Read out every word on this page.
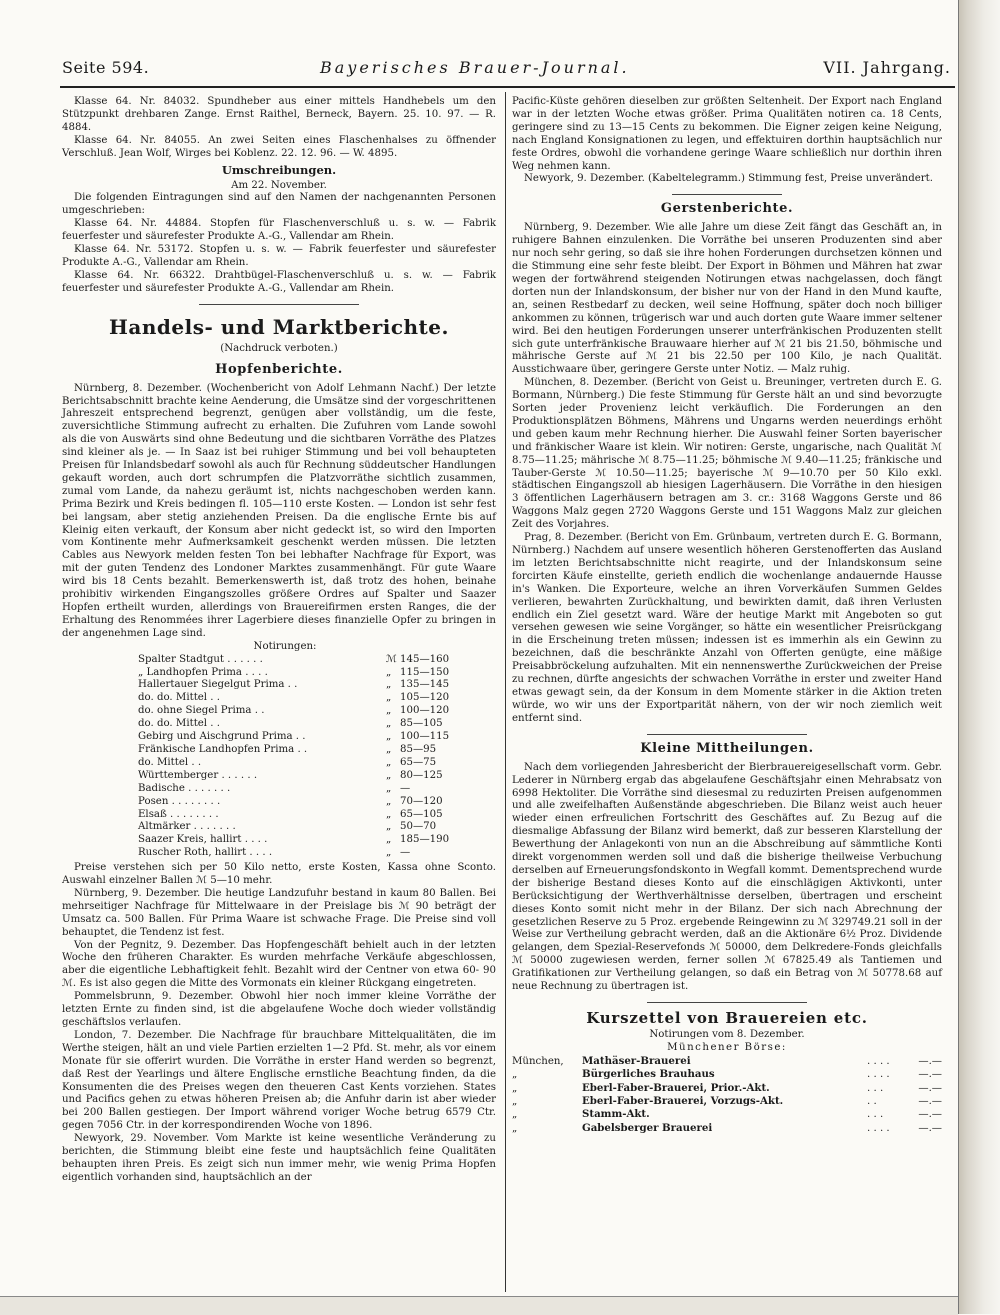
Seite 594.	Bayerisches Brauer-Journal.	VII. Jahrgang.

Klasse 64. Nr. 84032. Spundheber aus einer mittels Handhebels um den Stützpunkt drehbaren Zange. Ernst Raithel, Berneck, Bayern. 25. 10. 97. — R. 4884.

Klasse 64. Nr. 84055. An zwei Seiten eines Flaschenhalses zu öffnender Verschluß. Jean Wolf, Wirges bei Koblenz. 22. 12. 96. — W. 4895.

Umschreibungen.

Am 22. November.

Die folgenden Eintragungen sind auf den Namen der nachgenannten Personen umgeschrieben:

Klasse 64. Nr. 44884. Stopfen für Flaschenverschluß u. s. w. — Fabrik feuerfester und säurefester Produkte A.-G., Vallendar am Rhein.

Klasse 64. Nr. 53172. Stopfen u. s. w. — Fabrik feuerfester und säurefester Produkte A.-G., Vallendar am Rhein.

Klasse 64. Nr. 66322. Drahtbügel-Flaschenverschluß u. s. w. — Fabrik feuerfester und säurefester Produkte A.-G., Vallendar am Rhein.

Handels- und Marktberichte.

(Nachdruck verboten.)

Hopfenberichte.

Nürnberg, 8. Dezember. (Wochenbericht von Adolf Lehmann Nachf.) Der letzte Berichtsabschnitt brachte keine Aenderung, die Umsätze sind der vorgeschrittenen Jahreszeit entsprechend begrenzt, genügen aber vollständig, um die feste, zuversichtliche Stimmung aufrecht zu erhalten. Die Zufuhren vom Lande sowohl als die von Auswärts sind ohne Bedeutung und die sichtbaren Vorräthe des Platzes sind kleiner als je. — In Saaz ist bei ruhiger Stimmung und bei voll behaupteten Preisen für Inlandsbedarf sowohl als auch für Rechnung süddeutscher Handlungen gekauft worden, auch dort schrumpfen die Platzvorräthe sichtlich zusammen, zumal vom Lande, da nahezu geräumt ist, nichts nachgeschoben werden kann. Prima Bezirk und Kreis bedingen fl. 105—110 erste Kosten. — London ist sehr fest bei langsam, aber stetig anziehenden Preisen. Da die englische Ernte bis auf Kleinig eiten verkauft, der Konsum aber nicht gedeckt ist, so wird den Importen vom Kontinente mehr Aufmerksamkeit geschenkt werden müssen. Die letzten Cables aus Newyork melden festen Ton bei lebhafter Nachfrage für Export, was mit der guten Tendenz des Londoner Marktes zusammenhängt. Für gute Waare wird bis 18 Cents bezahlt. Bemerkenswerth ist, daß trotz des hohen, beinahe prohibitiv wirkenden Eingangszolles größere Ordres auf Spalter und Saazer Hopfen ertheilt wurden, allerdings von Brauereifirmen ersten Ranges, die der Erhaltung des Renommées ihrer Lagerbiere dieses finanzielle Opfer zu bringen in der angenehmen Lage sind.

Notirungen:

Spalter Stadtgut . . . . . .	ℳ	145—160
„ Landhopfen Prima . . . .	„	115—150
Hallertauer Siegelgut Prima . .	„	135—145
do. do. Mittel . .	„	105—120
do. ohne Siegel Prima . .	„	100—120
do. do. Mittel . .	„	85—105
Gebirg und Aischgrund Prima . .	„	100—115
Fränkische Landhopfen Prima . .	„	85—95
do. Mittel . .	„	65—75
Württemberger . . . . . .	„	80—125
Badische . . . . . . .	„	—
Posen . . . . . . . .	„	70—120
Elsaß . . . . . . . .	„	65—105
Altmärker . . . . . . .	„	50—70
Saazer Kreis, hallirt . . . .	„	185—190
Ruscher Roth, hallirt . . . .	„	—

Preise verstehen sich per 50 Kilo netto, erste Kosten, Kassa ohne Sconto. Auswahl einzelner Ballen ℳ 5—10 mehr.

Nürnberg, 9. Dezember. Die heutige Landzufuhr bestand in kaum 80 Ballen. Bei mehrseitiger Nachfrage für Mittelwaare in der Preislage bis ℳ 90 beträgt der Umsatz ca. 500 Ballen. Für Prima Waare ist schwache Frage. Die Preise sind voll behauptet, die Tendenz ist fest.

Von der Pegnitz, 9. Dezember. Das Hopfengeschäft behielt auch in der letzten Woche den früheren Charakter. Es wurden mehrfache Verkäufe abgeschlossen, aber die eigentliche Lebhaftigkeit fehlt. Bezahlt wird der Centner von etwa 60- 90 ℳ. Es ist also gegen die Mitte des Vormonats ein kleiner Rückgang eingetreten.

Pommelsbrunn, 9. Dezember. Obwohl hier noch immer kleine Vorräthe der letzten Ernte zu finden sind, ist die abgelaufene Woche doch wieder vollständig geschäftslos verlaufen.

London, 7. Dezember. Die Nachfrage für brauchbare Mittelqualitäten, die im Werthe steigen, hält an und viele Partien erzielten 1—2 Pfd. St. mehr, als vor einem Monate für sie offerirt wurden. Die Vorräthe in erster Hand werden so begrenzt, daß Rest der Yearlings und ältere Englische ernstliche Beachtung finden, da die Konsumenten die des Preises wegen den theueren Cast Kents vorziehen. States und Pacifics gehen zu etwas höheren Preisen ab; die Anfuhr darin ist aber wieder bei 200 Ballen gestiegen. Der Import während voriger Woche betrug 6579 Ctr. gegen 7056 Ctr. in der korrespondirenden Woche von 1896.

Newyork, 29. November. Vom Markte ist keine wesentliche Veränderung zu berichten, die Stimmung bleibt eine feste und hauptsächlich feine Qualitäten behaupten ihren Preis. Es zeigt sich nun immer mehr, wie wenig Prima Hopfen eigentlich vorhanden sind, hauptsächlich an der

Pacific-Küste gehören dieselben zur größten Seltenheit. Der Export nach England war in der letzten Woche etwas größer. Prima Qualitäten notiren ca. 18 Cents, geringere sind zu 13—15 Cents zu bekommen. Die Eigner zeigen keine Neigung, nach England Konsignationen zu legen, und effektuiren dorthin hauptsächlich nur feste Ordres, obwohl die vorhandene geringe Waare schließlich nur dorthin ihren Weg nehmen kann.

Newyork, 9. Dezember. (Kabeltelegramm.) Stimmung fest, Preise unverändert.

Gerstenberichte.

Nürnberg, 9. Dezember. Wie alle Jahre um diese Zeit fängt das Geschäft an, in ruhigere Bahnen einzulenken. Die Vorräthe bei unseren Produzenten sind aber nur noch sehr gering, so daß sie ihre hohen Forderungen durchsetzen können und die Stimmung eine sehr feste bleibt. Der Export in Böhmen und Mähren hat zwar wegen der fortwährend steigenden Notirungen etwas nachgelassen, doch fängt dorten nun der Inlandskonsum, der bisher nur von der Hand in den Mund kaufte, an, seinen Restbedarf zu decken, weil seine Hoffnung, später doch noch billiger ankommen zu können, trügerisch war und auch dorten gute Waare immer seltener wird. Bei den heutigen Forderungen unserer unterfränkischen Produzenten stellt sich gute unterfränkische Brauwaare hierher auf ℳ 21 bis 21.50, böhmische und mährische Gerste auf ℳ 21 bis 22.50 per 100 Kilo, je nach Qualität. Ausstichwaare über, geringere Gerste unter Notiz. — Malz ruhig.

München, 8. Dezember. (Bericht von Geist u. Breuninger, vertreten durch E. G. Bormann, Nürnberg.) Die feste Stimmung für Gerste hält an und sind bevorzugte Sorten jeder Provenienz leicht verkäuflich. Die Forderungen an den Produktionsplätzen Böhmens, Mährens und Ungarns werden neuerdings erhöht und geben kaum mehr Rechnung hierher. Die Auswahl feiner Sorten bayerischer und fränkischer Waare ist klein. Wir notiren: Gerste, ungarische, nach Qualität ℳ 8.75—11.25; mährische ℳ 8.75—11.25; böhmische ℳ 9.40—11.25; fränkische und Tauber-Gerste ℳ 10.50—11.25; bayerische ℳ 9—10.70 per 50 Kilo exkl. städtischen Eingangszoll ab hiesigen Lagerhäusern. Die Vorräthe in den hiesigen 3 öffentlichen Lagerhäusern betragen am 3. cr.: 3168 Waggons Gerste und 86 Waggons Malz gegen 2720 Waggons Gerste und 151 Waggons Malz zur gleichen Zeit des Vorjahres.

Prag, 8. Dezember. (Bericht von Em. Grünbaum, vertreten durch E. G. Bormann, Nürnberg.) Nachdem auf unsere wesentlich höheren Gerstenofferten das Ausland im letzten Berichtsabschnitte nicht reagirte, und der Inlandskonsum seine forcirten Käufe einstellte, gerieth endlich die wochenlange andauernde Hausse in's Wanken. Die Exporteure, welche an ihren Vorverkäufen Summen Geldes verlieren, bewahrten Zurückhaltung, und bewirkten damit, daß ihren Verlusten endlich ein Ziel gesetzt ward. Wäre der heutige Markt mit Angeboten so gut versehen gewesen wie seine Vorgänger, so hätte ein wesentlicher Preisrückgang in die Erscheinung treten müssen; indessen ist es immerhin als ein Gewinn zu bezeichnen, daß die beschränkte Anzahl von Offerten genügte, eine mäßige Preisabbröckelung aufzuhalten. Mit ein nennenswerthe Zurückweichen der Preise zu rechnen, dürfte angesichts der schwachen Vorräthe in erster und zweiter Hand etwas gewagt sein, da der Konsum in dem Momente stärker in die Aktion treten würde, wo wir uns der Exportparität nähern, von der wir noch ziemlich weit entfernt sind.

Kleine Mittheilungen.

Nach dem vorliegenden Jahresbericht der Bierbrauereigesellschaft vorm. Gebr. Lederer in Nürnberg ergab das abgelaufene Geschäftsjahr einen Mehrabsatz von 6998 Hektoliter. Die Vorräthe sind diesesmal zu reduzirten Preisen aufgenommen und alle zweifelhaften Außenstände abgeschrieben. Die Bilanz weist auch heuer wieder einen erfreulichen Fortschritt des Geschäftes auf. Zu Bezug auf die diesmalige Abfassung der Bilanz wird bemerkt, daß zur besseren Klarstellung der Bewerthung der Anlagekonti von nun an die Abschreibung auf sämmtliche Konti direkt vorgenommen werden soll und daß die bisherige theilweise Verbuchung derselben auf Erneuerungsfondskonto in Wegfall kommt. Dementsprechend wurde der bisherige Bestand dieses Konto auf die einschlägigen Aktivkonti, unter Berücksichtigung der Werthverhältnisse derselben, übertragen und erscheint dieses Konto somit nicht mehr in der Bilanz. Der sich nach Abrechnung der gesetzlichen Reserve zu 5 Proz. ergebende Reingewinn zu ℳ 329749.21 soll in der Weise zur Vertheilung gebracht werden, daß an die Aktionäre 6½ Proz. Dividende gelangen, dem Spezial-Reservefonds ℳ 50000, dem Delkredere-Fonds gleichfalls ℳ 50000 zugewiesen werden, ferner sollen ℳ 67825.49 als Tantiemen und Gratifikationen zur Vertheilung gelangen, so daß ein Betrag von ℳ 50778.68 auf neue Rechnung zu übertragen ist.

Kurszettel von Brauereien etc.

Notirungen vom 8. Dezember.

Münchener Börse:

München,	Mathäser-Brauerei	. . . .	—.—
„	Bürgerliches Brauhaus	. . . .	—.—
„	Eberl-Faber-Brauerei, Prior.-Akt.	. . .	—.—
„	Eberl-Faber-Brauerei, Vorzugs-Akt.	. .	—.—
„	Stamm-Akt.	. . .	—.—
„	Gabelsberger Brauerei	. . . .	—.—
